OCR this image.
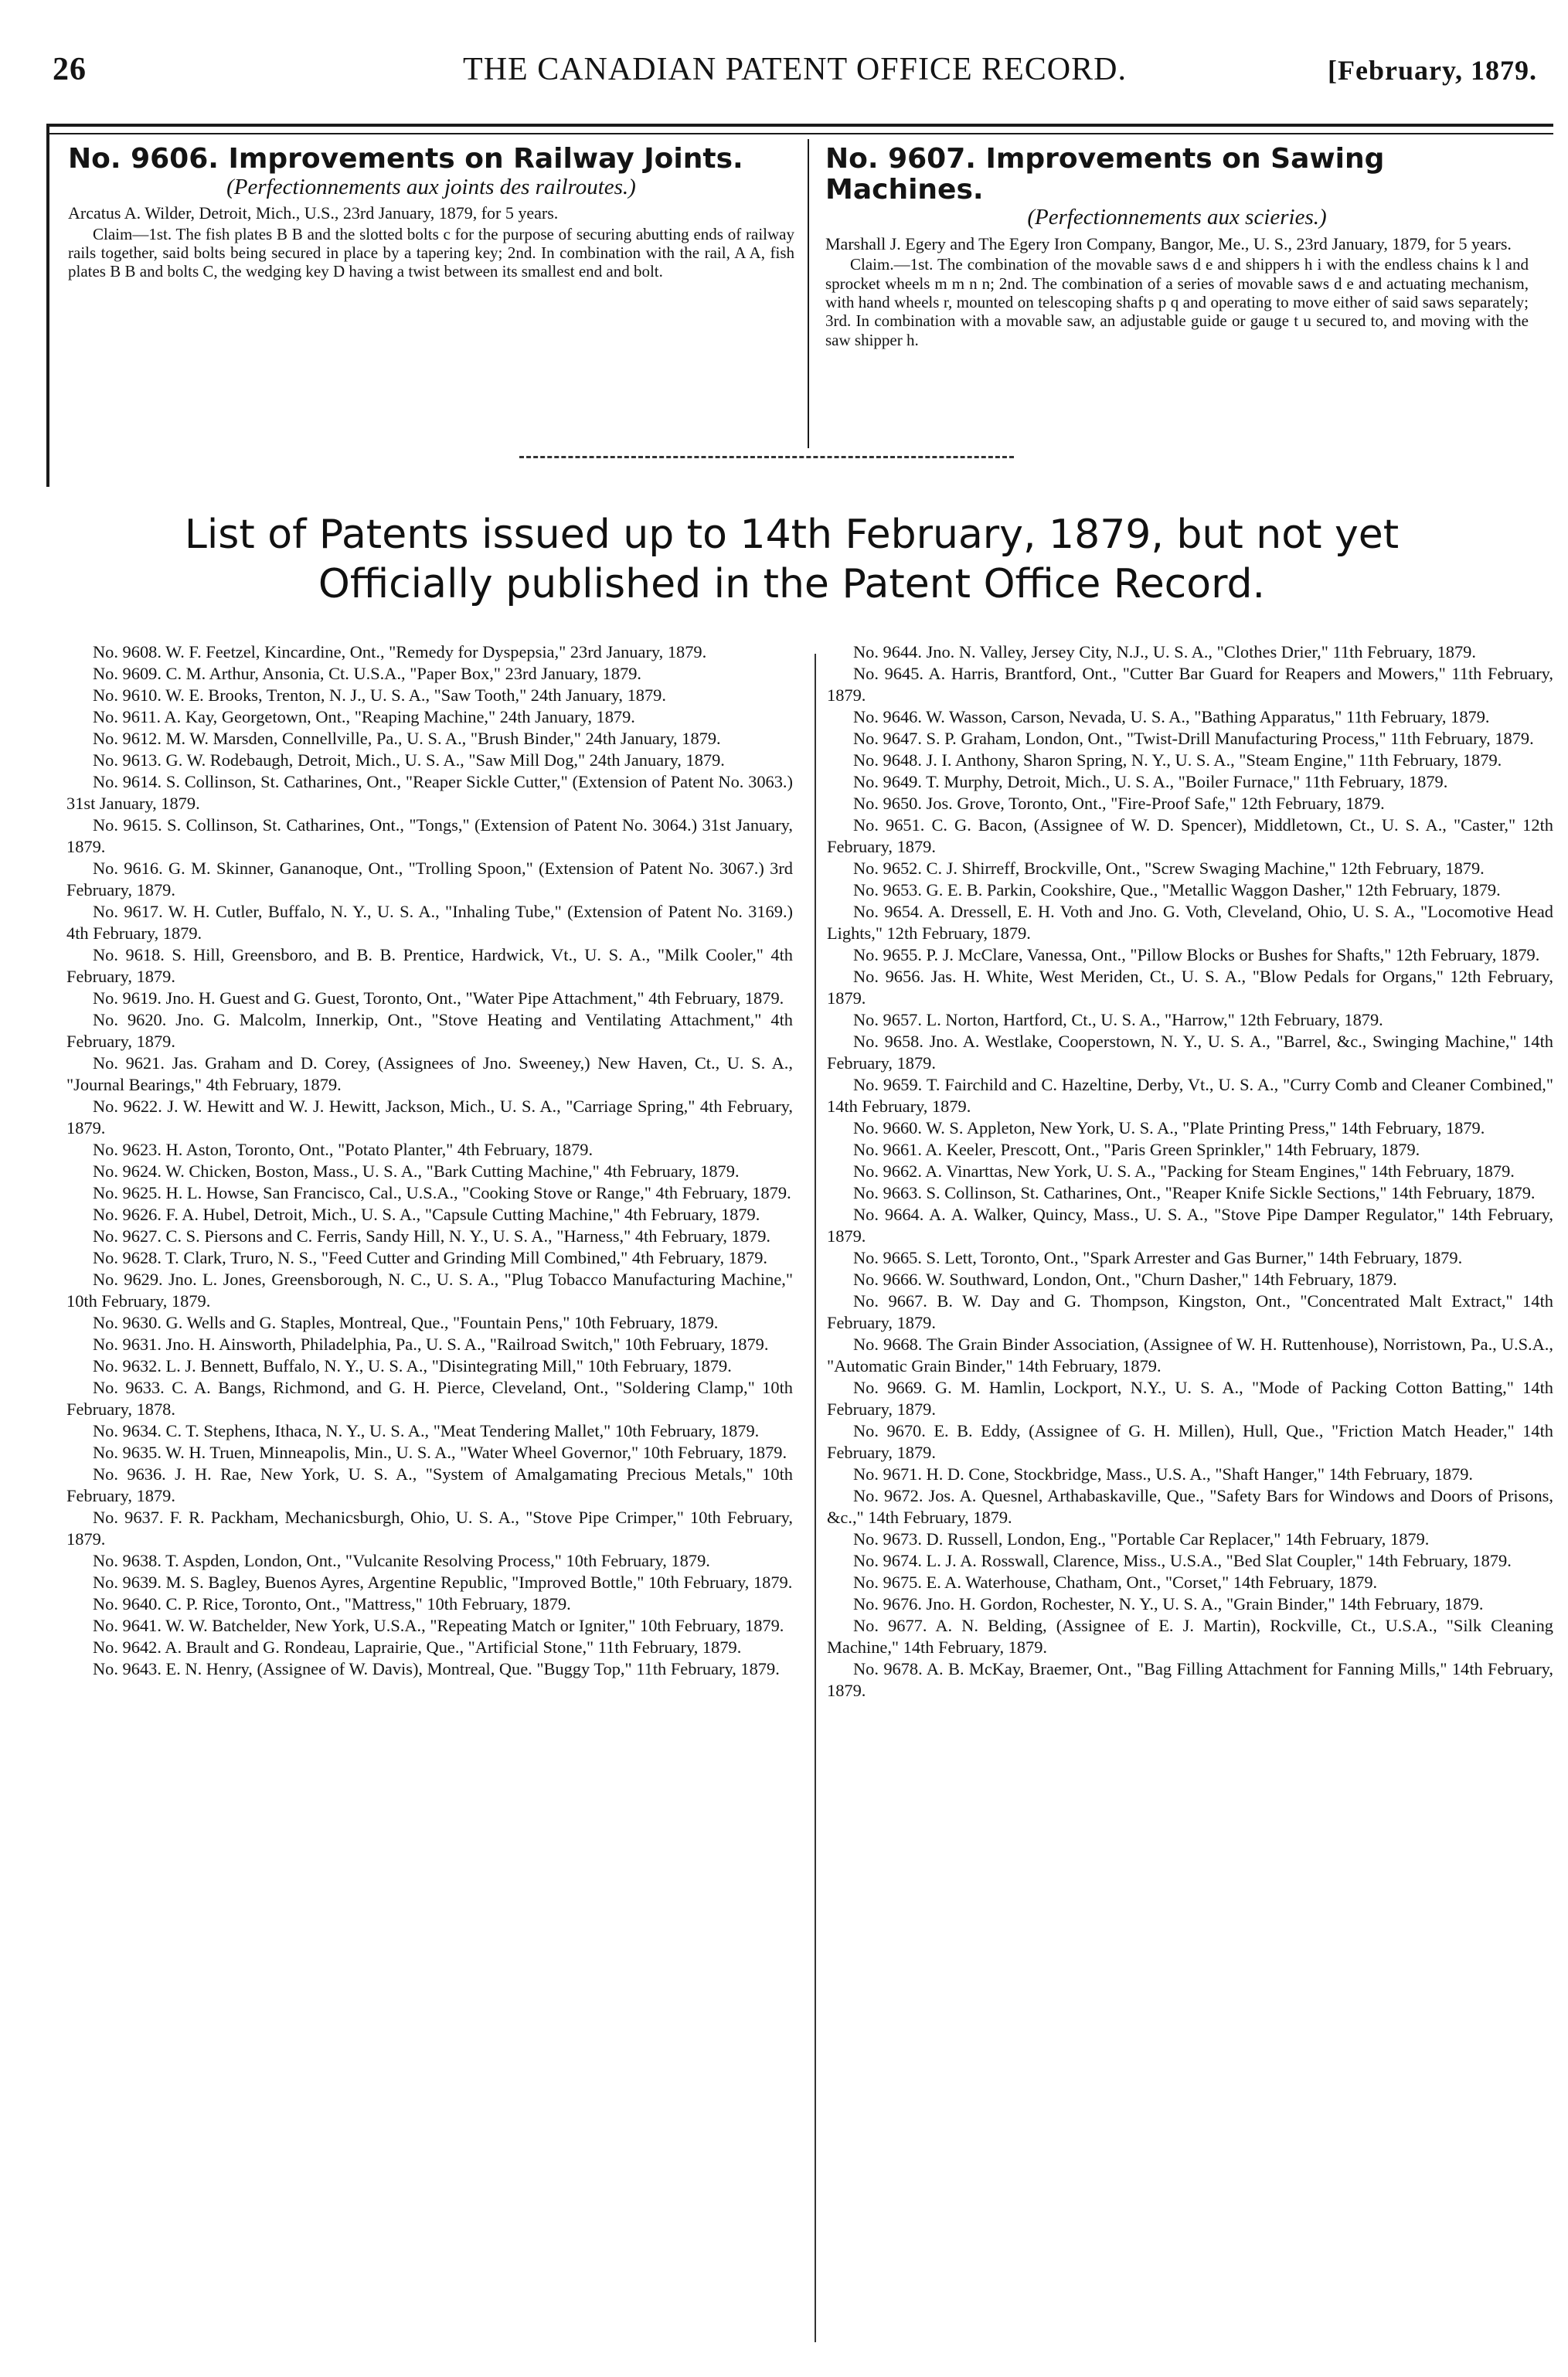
26	THE CANADIAN PATENT OFFICE RECORD.	[February, 1879.
No. 9606. Improvements on Railway Joints.
(Perfectionnements aux joints des railroutes.)
Arcatus A. Wilder, Detroit, Mich., U.S., 23rd January, 1879, for 5 years.
Claim—1st. The fish plates B B and the slotted bolts c for the purpose of securing abutting ends of railway rails together, said bolts being secured in place by a tapering key; 2nd. In combination with the rail, A A, fish plates B B and bolts C, the wedging key D having a twist between its smallest end and bolt.
No. 9607. Improvements on Sawing Machines.
(Perfectionnements aux scieries.)
Marshall J. Egery and The Egery Iron Company, Bangor, Me., U. S., 23rd January, 1879, for 5 years.
Claim.—1st. The combination of the movable saws d e and shippers h i with the endless chains k l and sprocket wheels m m n n; 2nd. The combination of a series of movable saws d e and actuating mechanism, with hand wheels r, mounted on telescoping shafts p q and operating to move either of said saws separately; 3rd. In combination with a movable saw, an adjustable guide or gauge t u secured to, and moving with the saw shipper h.
List of Patents issued up to 14th February, 1879, but not yet Officially published in the Patent Office Record.

No. 9608. W. F. Feetzel, Kincardine, Ont., "Remedy for Dyspepsia," 23rd January, 1879.

No. 9609. C. M. Arthur, Ansonia, Ct. U.S.A., "Paper Box," 23rd January, 1879.

No. 9610. W. E. Brooks, Trenton, N. J., U. S. A., "Saw Tooth," 24th January, 1879.

No. 9611. A. Kay, Georgetown, Ont., "Reaping Machine," 24th January, 1879.

No. 9612. M. W. Marsden, Connellville, Pa., U. S. A., "Brush Binder," 24th January, 1879.

No. 9613. G. W. Rodebaugh, Detroit, Mich., U. S. A., "Saw Mill Dog," 24th January, 1879.

No. 9614. S. Collinson, St. Catharines, Ont., "Reaper Sickle Cutter," (Extension of Patent No. 3063.) 31st January, 1879.

No. 9615. S. Collinson, St. Catharines, Ont., "Tongs," (Extension of Patent No. 3064.) 31st January, 1879.

No. 9616. G. M. Skinner, Gananoque, Ont., "Trolling Spoon," (Extension of Patent No. 3067.) 3rd February, 1879.

No. 9617. W. H. Cutler, Buffalo, N. Y., U. S. A., "Inhaling Tube," (Extension of Patent No. 3169.) 4th February, 1879.

No. 9618. S. Hill, Greensboro, and B. B. Prentice, Hardwick, Vt., U. S. A., "Milk Cooler," 4th February, 1879.

No. 9619. Jno. H. Guest and G. Guest, Toronto, Ont., "Water Pipe Attachment," 4th February, 1879.

No. 9620. Jno. G. Malcolm, Innerkip, Ont., "Stove Heating and Ventilating Attachment," 4th February, 1879.

No. 9621. Jas. Graham and D. Corey, (Assignees of Jno. Sweeney,) New Haven, Ct., U. S. A., "Journal Bearings," 4th February, 1879.

No. 9622. J. W. Hewitt and W. J. Hewitt, Jackson, Mich., U. S. A., "Carriage Spring," 4th February, 1879.

No. 9623. H. Aston, Toronto, Ont., "Potato Planter," 4th February, 1879.

No. 9624. W. Chicken, Boston, Mass., U. S. A., "Bark Cutting Machine," 4th February, 1879.

No. 9625. H. L. Howse, San Francisco, Cal., U.S.A., "Cooking Stove or Range," 4th February, 1879.

No. 9626. F. A. Hubel, Detroit, Mich., U. S. A., "Capsule Cutting Machine," 4th February, 1879.

No. 9627. C. S. Piersons and C. Ferris, Sandy Hill, N. Y., U. S. A., "Harness," 4th February, 1879.

No. 9628. T. Clark, Truro, N. S., "Feed Cutter and Grinding Mill Combined," 4th February, 1879.

No. 9629. Jno. L. Jones, Greensborough, N. C., U. S. A., "Plug Tobacco Manufacturing Machine," 10th February, 1879.

No. 9630. G. Wells and G. Staples, Montreal, Que., "Fountain Pens," 10th February, 1879.

No. 9631. Jno. H. Ainsworth, Philadelphia, Pa., U. S. A., "Railroad Switch," 10th February, 1879.

No. 9632. L. J. Bennett, Buffalo, N. Y., U. S. A., "Disintegrating Mill," 10th February, 1879.

No. 9633. C. A. Bangs, Richmond, and G. H. Pierce, Cleveland, Ont., "Soldering Clamp," 10th February, 1878.

No. 9634. C. T. Stephens, Ithaca, N. Y., U. S. A., "Meat Tendering Mallet," 10th February, 1879.

No. 9635. W. H. Truen, Minneapolis, Min., U. S. A., "Water Wheel Governor," 10th February, 1879.

No. 9636. J. H. Rae, New York, U. S. A., "System of Amalgamating Precious Metals," 10th February, 1879.

No. 9637. F. R. Packham, Mechanicsburgh, Ohio, U. S. A., "Stove Pipe Crimper," 10th February, 1879.

No. 9638. T. Aspden, London, Ont., "Vulcanite Resolving Process," 10th February, 1879.

No. 9639. M. S. Bagley, Buenos Ayres, Argentine Republic, "Improved Bottle," 10th February, 1879.

No. 9640. C. P. Rice, Toronto, Ont., "Mattress," 10th February, 1879.

No. 9641. W. W. Batchelder, New York, U.S.A., "Repeating Match or Igniter," 10th February, 1879.

No. 9642. A. Brault and G. Rondeau, Laprairie, Que., "Artificial Stone," 11th February, 1879.

No. 9643. E. N. Henry, (Assignee of W. Davis), Montreal, Que. "Buggy Top," 11th February, 1879.

No. 9644. Jno. N. Valley, Jersey City, N.J., U. S. A., "Clothes Drier," 11th February, 1879.

No. 9645. A. Harris, Brantford, Ont., "Cutter Bar Guard for Reapers and Mowers," 11th February, 1879.

No. 9646. W. Wasson, Carson, Nevada, U. S. A., "Bathing Apparatus," 11th February, 1879.

No. 9647. S. P. Graham, London, Ont., "Twist-Drill Manufacturing Process," 11th February, 1879.

No. 9648. J. I. Anthony, Sharon Spring, N. Y., U. S. A., "Steam Engine," 11th February, 1879.

No. 9649. T. Murphy, Detroit, Mich., U. S. A., "Boiler Furnace," 11th February, 1879.

No. 9650. Jos. Grove, Toronto, Ont., "Fire-Proof Safe," 12th February, 1879.

No. 9651. C. G. Bacon, (Assignee of W. D. Spencer), Middletown, Ct., U. S. A., "Caster," 12th February, 1879.

No. 9652. C. J. Shirreff, Brockville, Ont., "Screw Swaging Machine," 12th February, 1879.

No. 9653. G. E. B. Parkin, Cookshire, Que., "Metallic Waggon Dasher," 12th February, 1879.

No. 9654. A. Dressell, E. H. Voth and Jno. G. Voth, Cleveland, Ohio, U. S. A., "Locomotive Head Lights," 12th February, 1879.

No. 9655. P. J. McClare, Vanessa, Ont., "Pillow Blocks or Bushes for Shafts," 12th February, 1879.

No. 9656. Jas. H. White, West Meriden, Ct., U. S. A., "Blow Pedals for Organs," 12th February, 1879.

No. 9657. L. Norton, Hartford, Ct., U. S. A., "Harrow," 12th February, 1879.

No. 9658. Jno. A. Westlake, Cooperstown, N. Y., U. S. A., "Barrel, &c., Swinging Machine," 14th February, 1879.

No. 9659. T. Fairchild and C. Hazeltine, Derby, Vt., U. S. A., "Curry Comb and Cleaner Combined," 14th February, 1879.

No. 9660. W. S. Appleton, New York, U. S. A., "Plate Printing Press," 14th February, 1879.

No. 9661. A. Keeler, Prescott, Ont., "Paris Green Sprinkler," 14th February, 1879.

No. 9662. A. Vinarttas, New York, U. S. A., "Packing for Steam Engines," 14th February, 1879.

No. 9663. S. Collinson, St. Catharines, Ont., "Reaper Knife Sickle Sections," 14th February, 1879.

No. 9664. A. A. Walker, Quincy, Mass., U. S. A., "Stove Pipe Damper Regulator," 14th February, 1879.

No. 9665. S. Lett, Toronto, Ont., "Spark Arrester and Gas Burner," 14th February, 1879.

No. 9666. W. Southward, London, Ont., "Churn Dasher," 14th February, 1879.

No. 9667. B. W. Day and G. Thompson, Kingston, Ont., "Concentrated Malt Extract," 14th February, 1879.

No. 9668. The Grain Binder Association, (Assignee of W. H. Ruttenhouse), Norristown, Pa., U.S.A., "Automatic Grain Binder," 14th February, 1879.

No. 9669. G. M. Hamlin, Lockport, N.Y., U. S. A., "Mode of Packing Cotton Batting," 14th February, 1879.

No. 9670. E. B. Eddy, (Assignee of G. H. Millen), Hull, Que., "Friction Match Header," 14th February, 1879.

No. 9671. H. D. Cone, Stockbridge, Mass., U.S. A., "Shaft Hanger," 14th February, 1879.

No. 9672. Jos. A. Quesnel, Arthabaskaville, Que., "Safety Bars for Windows and Doors of Prisons, &c.," 14th February, 1879.

No. 9673. D. Russell, London, Eng., "Portable Car Replacer," 14th February, 1879.

No. 9674. L. J. A. Rosswall, Clarence, Miss., U.S.A., "Bed Slat Coupler," 14th February, 1879.

No. 9675. E. A. Waterhouse, Chatham, Ont., "Corset," 14th February, 1879.

No. 9676. Jno. H. Gordon, Rochester, N. Y., U. S. A., "Grain Binder," 14th February, 1879.

No. 9677. A. N. Belding, (Assignee of E. J. Martin), Rockville, Ct., U.S.A., "Silk Cleaning Machine," 14th February, 1879.

No. 9678. A. B. McKay, Braemer, Ont., "Bag Filling Attachment for Fanning Mills," 14th February, 1879.
